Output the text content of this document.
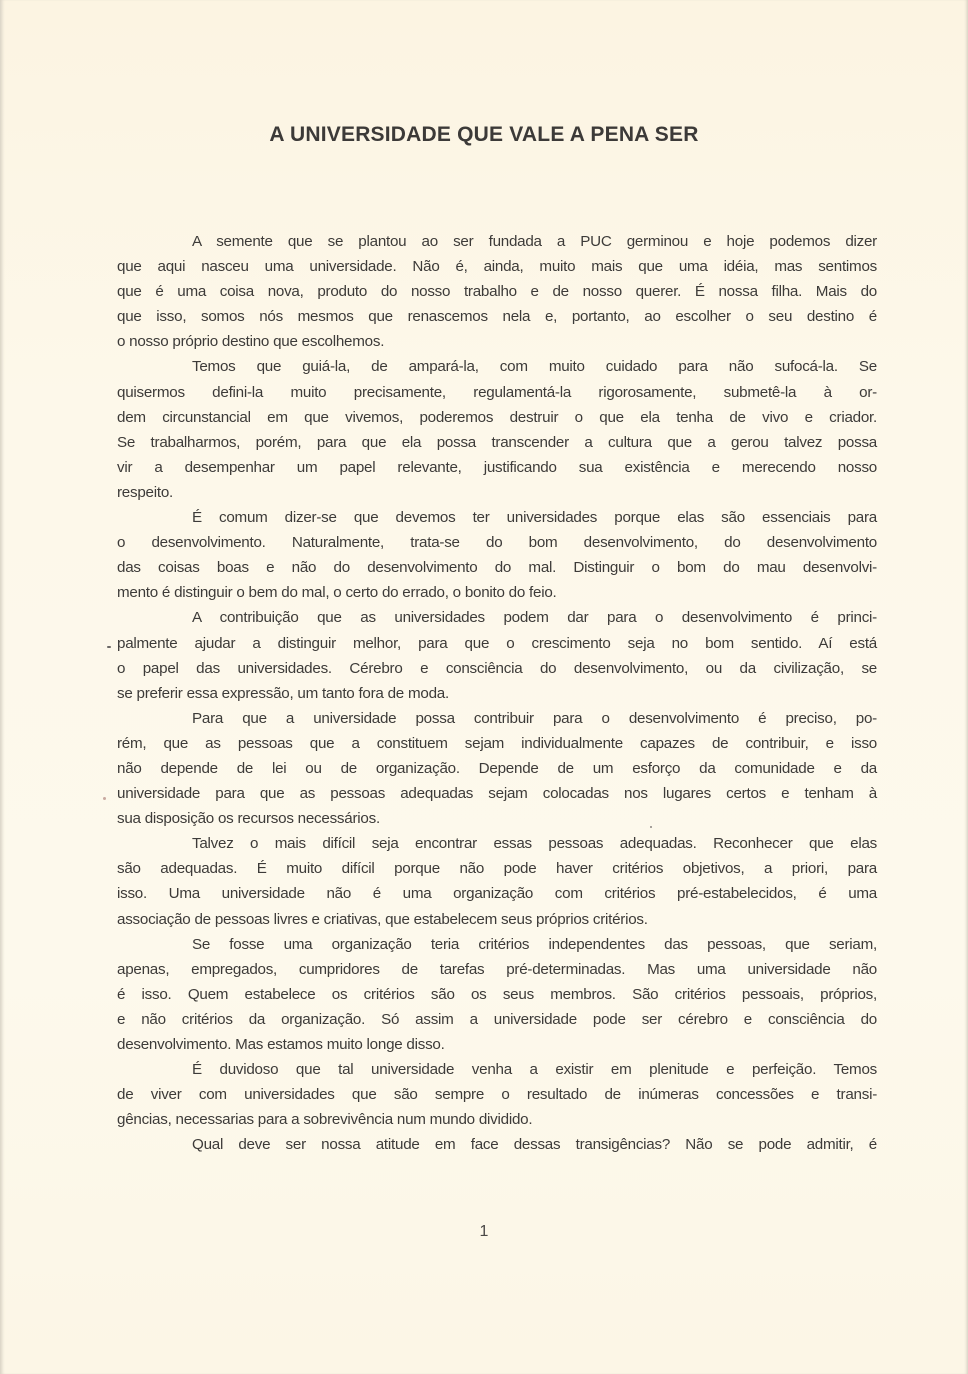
A UNIVERSIDADE QUE VALE A PENA SER
A semente que se plantou ao ser fundada a PUC germinou e hoje podemos dizer
que aqui nasceu uma universidade. Não é, ainda, muito mais que uma idéia, mas sentimos
que é uma coisa nova, produto do nosso trabalho e de nosso querer. É nossa filha. Mais do
que isso, somos nós mesmos que renascemos nela e, portanto, ao escolher o seu destino é
o nosso próprio destino que escolhemos.
Temos que guiá-la, de ampará-la, com muito cuidado para não sufocá-la. Se
quisermos defini-la muito precisamente, regulamentá-la rigorosamente, submetê-la à or-
dem circunstancial em que vivemos, poderemos destruir o que ela tenha de vivo e criador.
Se trabalharmos, porém, para que ela possa transcender a cultura que a gerou talvez possa
vir a desempenhar um papel relevante, justificando sua existência e merecendo nosso
respeito.
É comum dizer-se que devemos ter universidades porque elas são essenciais para
o desenvolvimento. Naturalmente, trata-se do bom desenvolvimento, do desenvolvimento
das coisas boas e não do desenvolvimento do mal. Distinguir o bom do mau desenvolvi-
mento é distinguir o bem do mal, o certo do errado, o bonito do feio.
A contribuição que as universidades podem dar para o desenvolvimento é princi-
palmente ajudar a distinguir melhor, para que o crescimento seja no bom sentido. Aí está
o papel das universidades. Cérebro e consciência do desenvolvimento, ou da civilização, se
se preferir essa expressão, um tanto fora de moda.
Para que a universidade possa contribuir para o desenvolvimento é preciso, po-
rém, que as pessoas que a constituem sejam individualmente capazes de contribuir, e isso
não depende de lei ou de organização. Depende de um esforço da comunidade e da
universidade para que as pessoas adequadas sejam colocadas nos lugares certos e tenham à
sua disposição os recursos necessários.
Talvez o mais difícil seja encontrar essas pessoas adequadas. Reconhecer que elas
são adequadas. É muito difícil porque não pode haver critérios objetivos, a priori, para
isso. Uma universidade não é uma organização com critérios pré-estabelecidos, é uma
associação de pessoas livres e criativas, que estabelecem seus próprios critérios.
Se fosse uma organização teria critérios independentes das pessoas, que seriam,
apenas, empregados, cumpridores de tarefas pré-determinadas. Mas uma universidade não
é isso. Quem estabelece os critérios são os seus membros. São critérios pessoais, próprios,
e não critérios da organização. Só assim a universidade pode ser cérebro e consciência do
desenvolvimento. Mas estamos muito longe disso.
É duvidoso que tal universidade venha a existir em plenitude e perfeição. Temos
de viver com universidades que são sempre o resultado de inúmeras concessões e transi-
gências, necessarias para a sobrevivência num mundo dividido.
Qual deve ser nossa atitude em face dessas transigências? Não se pode admitir, é
1
